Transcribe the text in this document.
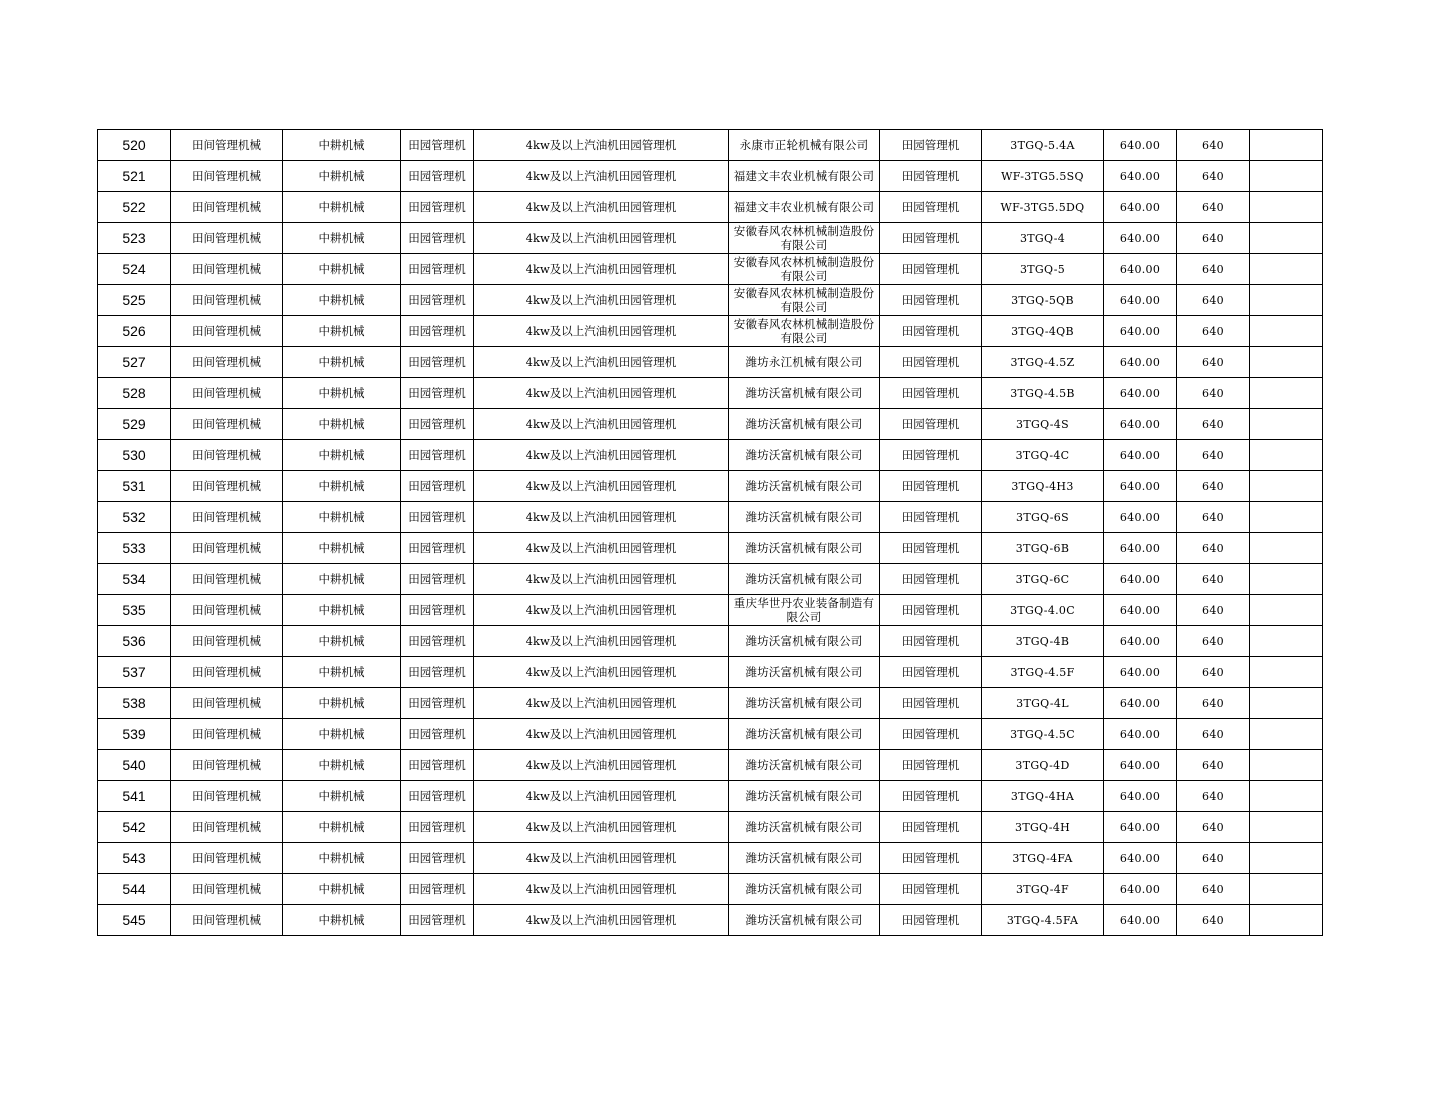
520	田间管理机械	中耕机械	田园管理机	4kw及以上汽油机田园管理机	永康市正轮机械有限公司	田园管理机	3TGQ-5.4A	640.00	640	
521	田间管理机械	中耕机械	田园管理机	4kw及以上汽油机田园管理机	福建文丰农业机械有限公司	田园管理机	WF-3TG5.5SQ	640.00	640	
522	田间管理机械	中耕机械	田园管理机	4kw及以上汽油机田园管理机	福建文丰农业机械有限公司	田园管理机	WF-3TG5.5DQ	640.00	640	
523	田间管理机械	中耕机械	田园管理机	4kw及以上汽油机田园管理机	安徽春风农林机械制造股份有限公司	田园管理机	3TGQ-4	640.00	640	
524	田间管理机械	中耕机械	田园管理机	4kw及以上汽油机田园管理机	安徽春风农林机械制造股份有限公司	田园管理机	3TGQ-5	640.00	640	
525	田间管理机械	中耕机械	田园管理机	4kw及以上汽油机田园管理机	安徽春风农林机械制造股份有限公司	田园管理机	3TGQ-5QB	640.00	640	
526	田间管理机械	中耕机械	田园管理机	4kw及以上汽油机田园管理机	安徽春风农林机械制造股份有限公司	田园管理机	3TGQ-4QB	640.00	640	
527	田间管理机械	中耕机械	田园管理机	4kw及以上汽油机田园管理机	潍坊永江机械有限公司	田园管理机	3TGQ-4.5Z	640.00	640	
528	田间管理机械	中耕机械	田园管理机	4kw及以上汽油机田园管理机	潍坊沃富机械有限公司	田园管理机	3TGQ-4.5B	640.00	640	
529	田间管理机械	中耕机械	田园管理机	4kw及以上汽油机田园管理机	潍坊沃富机械有限公司	田园管理机	3TGQ-4S	640.00	640	
530	田间管理机械	中耕机械	田园管理机	4kw及以上汽油机田园管理机	潍坊沃富机械有限公司	田园管理机	3TGQ-4C	640.00	640	
531	田间管理机械	中耕机械	田园管理机	4kw及以上汽油机田园管理机	潍坊沃富机械有限公司	田园管理机	3TGQ-4H3	640.00	640	
532	田间管理机械	中耕机械	田园管理机	4kw及以上汽油机田园管理机	潍坊沃富机械有限公司	田园管理机	3TGQ-6S	640.00	640	
533	田间管理机械	中耕机械	田园管理机	4kw及以上汽油机田园管理机	潍坊沃富机械有限公司	田园管理机	3TGQ-6B	640.00	640	
534	田间管理机械	中耕机械	田园管理机	4kw及以上汽油机田园管理机	潍坊沃富机械有限公司	田园管理机	3TGQ-6C	640.00	640	
535	田间管理机械	中耕机械	田园管理机	4kw及以上汽油机田园管理机	重庆华世丹农业装备制造有限公司	田园管理机	3TGQ-4.0C	640.00	640	
536	田间管理机械	中耕机械	田园管理机	4kw及以上汽油机田园管理机	潍坊沃富机械有限公司	田园管理机	3TGQ-4B	640.00	640	
537	田间管理机械	中耕机械	田园管理机	4kw及以上汽油机田园管理机	潍坊沃富机械有限公司	田园管理机	3TGQ-4.5F	640.00	640	
538	田间管理机械	中耕机械	田园管理机	4kw及以上汽油机田园管理机	潍坊沃富机械有限公司	田园管理机	3TGQ-4L	640.00	640	
539	田间管理机械	中耕机械	田园管理机	4kw及以上汽油机田园管理机	潍坊沃富机械有限公司	田园管理机	3TGQ-4.5C	640.00	640	
540	田间管理机械	中耕机械	田园管理机	4kw及以上汽油机田园管理机	潍坊沃富机械有限公司	田园管理机	3TGQ-4D	640.00	640	
541	田间管理机械	中耕机械	田园管理机	4kw及以上汽油机田园管理机	潍坊沃富机械有限公司	田园管理机	3TGQ-4HA	640.00	640	
542	田间管理机械	中耕机械	田园管理机	4kw及以上汽油机田园管理机	潍坊沃富机械有限公司	田园管理机	3TGQ-4H	640.00	640	
543	田间管理机械	中耕机械	田园管理机	4kw及以上汽油机田园管理机	潍坊沃富机械有限公司	田园管理机	3TGQ-4FA	640.00	640	
544	田间管理机械	中耕机械	田园管理机	4kw及以上汽油机田园管理机	潍坊沃富机械有限公司	田园管理机	3TGQ-4F	640.00	640	
545	田间管理机械	中耕机械	田园管理机	4kw及以上汽油机田园管理机	潍坊沃富机械有限公司	田园管理机	3TGQ-4.5FA	640.00	640	
